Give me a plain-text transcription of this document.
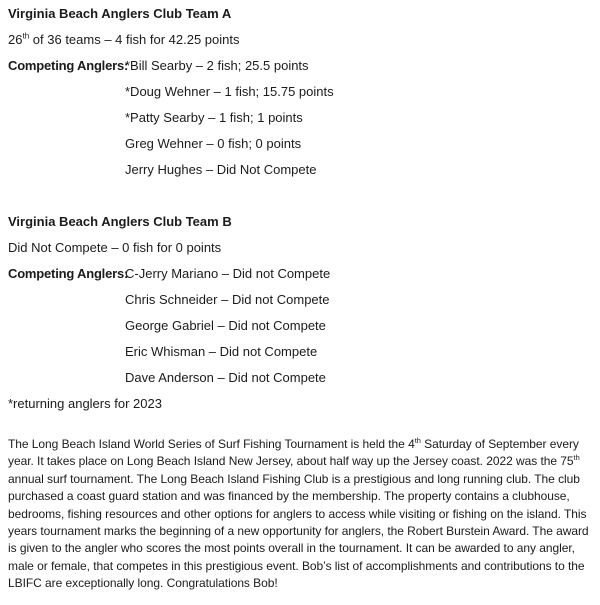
Virginia Beach Anglers Club Team A
26th of 36 teams – 4 fish for 42.25 points
Competing Anglers:
*Bill Searby – 2 fish; 25.5 points
*Doug Wehner – 1 fish; 15.75 points
*Patty Searby – 1 fish; 1 points
Greg Wehner – 0 fish; 0 points
Jerry Hughes – Did Not Compete
Virginia Beach Anglers Club Team B
Did Not Compete – 0 fish for 0 points
Competing Anglers:
C-Jerry Mariano – Did not Compete
Chris Schneider – Did not Compete
George Gabriel – Did not Compete
Eric Whisman – Did not Compete
Dave Anderson – Did not Compete
*returning anglers for 2023
The Long Beach Island World Series of Surf Fishing Tournament is held the 4th Saturday of September every year. It takes place on Long Beach Island New Jersey, about half way up the Jersey coast. 2022 was the 75th annual surf tournament. The Long Beach Island Fishing Club is a prestigious and long running club. The club purchased a coast guard station and was financed by the membership. The property contains a clubhouse, bedrooms, fishing resources and other options for anglers to access while visiting or fishing on the island. This years tournament marks the beginning of a new opportunity for anglers, the Robert Burstein Award. The award is given to the angler who scores the most points overall in the tournament. It can be awarded to any angler, male or female, that competes in this prestigious event. Bob’s list of accomplishments and contributions to the LBIFC are exceptionally long. Congratulations Bob!
